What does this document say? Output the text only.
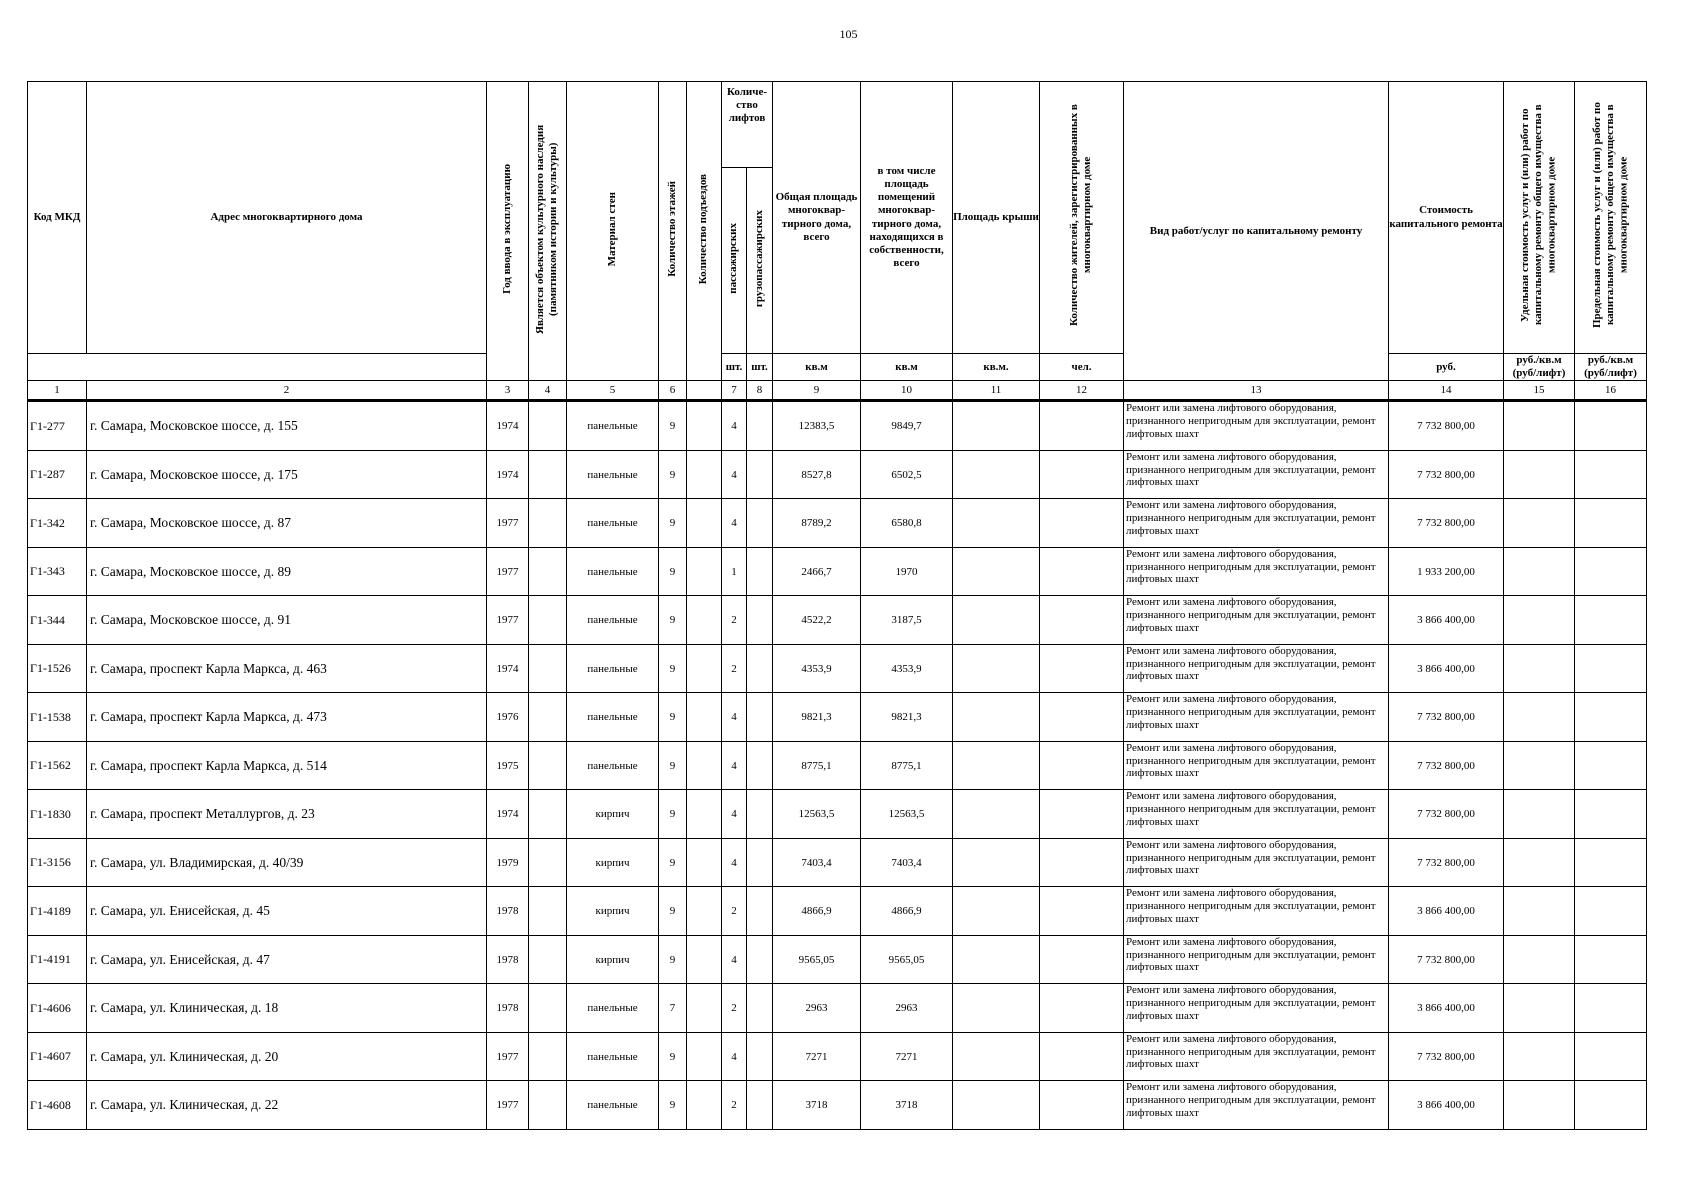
105
Код МКД	Адрес многоквартирного дома	Год ввода в эксплуатацию	Является объектом культурного наследия (памятником истории и культуры)	Материал стен	Количество этажей	Количество подъездов	Количе-ство лифтов		Общая площадь многоквар-тирного дома, всего	в том числе площадь помещений многоквар-тирного дома, находящихся в собственности, всего	Площадь крыши	Количество жителей, зарегистрированных в многоквартирном доме	Вид работ/услуг по капитальному ремонту	Стоимость капитального ремонта	Удельная стоимость услуг и (или) работ по капитальному ремонту общего имущества в многоквартирном доме	Предельная стоимость услуг и (или) работ по капитальному ремонту общего имущества в многоквартирном доме
							пассажирских	грузопассажирских								
							шт.	шт.	кв.м	кв.м	кв.м.	чел.		руб.	руб./кв.м (руб/лифт)	руб./кв.м (руб/лифт)
1	2	3	4	5	6		7	8	9	10	11	12	13	14	15	16
Г1-277	г. Самара, Московское шоссе, д. 155	1974		панельные	9		4		12383,5	9849,7			Ремонт или замена лифтового оборудования, признанного непригодным для эксплуатации, ремонт лифтовых шахт	7 732 800,00		
Г1-287	г. Самара, Московское шоссе, д. 175	1974		панельные	9		4		8527,8	6502,5			Ремонт или замена лифтового оборудования, признанного непригодным для эксплуатации, ремонт лифтовых шахт	7 732 800,00		
Г1-342	г. Самара, Московское шоссе, д. 87	1977		панельные	9		4		8789,2	6580,8			Ремонт или замена лифтового оборудования, признанного непригодным для эксплуатации, ремонт лифтовых шахт	7 732 800,00		
Г1-343	г. Самара, Московское шоссе, д. 89	1977		панельные	9		1		2466,7	1970			Ремонт или замена лифтового оборудования, признанного непригодным для эксплуатации, ремонт лифтовых шахт	1 933 200,00		
Г1-344	г. Самара, Московское шоссе, д. 91	1977		панельные	9		2		4522,2	3187,5			Ремонт или замена лифтового оборудования, признанного непригодным для эксплуатации, ремонт лифтовых шахт	3 866 400,00		
Г1-1526	г. Самара, проспект Карла Маркса, д. 463	1974		панельные	9		2		4353,9	4353,9			Ремонт или замена лифтового оборудования, признанного непригодным для эксплуатации, ремонт лифтовых шахт	3 866 400,00		
Г1-1538	г. Самара, проспект Карла Маркса, д. 473	1976		панельные	9		4		9821,3	9821,3			Ремонт или замена лифтового оборудования, признанного непригодным для эксплуатации, ремонт лифтовых шахт	7 732 800,00		
Г1-1562	г. Самара, проспект Карла Маркса, д. 514	1975		панельные	9		4		8775,1	8775,1			Ремонт или замена лифтового оборудования, признанного непригодным для эксплуатации, ремонт лифтовых шахт	7 732 800,00		
Г1-1830	г. Самара, проспект Металлургов, д. 23	1974		кирпич	9		4		12563,5	12563,5			Ремонт или замена лифтового оборудования, признанного непригодным для эксплуатации, ремонт лифтовых шахт	7 732 800,00		
Г1-3156	г. Самара, ул. Владимирская, д. 40/39	1979		кирпич	9		4		7403,4	7403,4			Ремонт или замена лифтового оборудования, признанного непригодным для эксплуатации, ремонт лифтовых шахт	7 732 800,00		
Г1-4189	г. Самара, ул. Енисейская, д. 45	1978		кирпич	9		2		4866,9	4866,9			Ремонт или замена лифтового оборудования, признанного непригодным для эксплуатации, ремонт лифтовых шахт	3 866 400,00		
Г1-4191	г. Самара, ул. Енисейская, д. 47	1978		кирпич	9		4		9565,05	9565,05			Ремонт или замена лифтового оборудования, признанного непригодным для эксплуатации, ремонт лифтовых шахт	7 732 800,00		
Г1-4606	г. Самара, ул. Клиническая, д. 18	1978		панельные	7		2		2963	2963			Ремонт или замена лифтового оборудования, признанного непригодным для эксплуатации, ремонт лифтовых шахт	3 866 400,00		
Г1-4607	г. Самара, ул. Клиническая, д. 20	1977		панельные	9		4		7271	7271			Ремонт или замена лифтового оборудования, признанного непригодным для эксплуатации, ремонт лифтовых шахт	7 732 800,00		
Г1-4608	г. Самара, ул. Клиническая, д. 22	1977		панельные	9		2		3718	3718			Ремонт или замена лифтового оборудования, признанного непригодным для эксплуатации, ремонт лифтовых шахт	3 866 400,00		
